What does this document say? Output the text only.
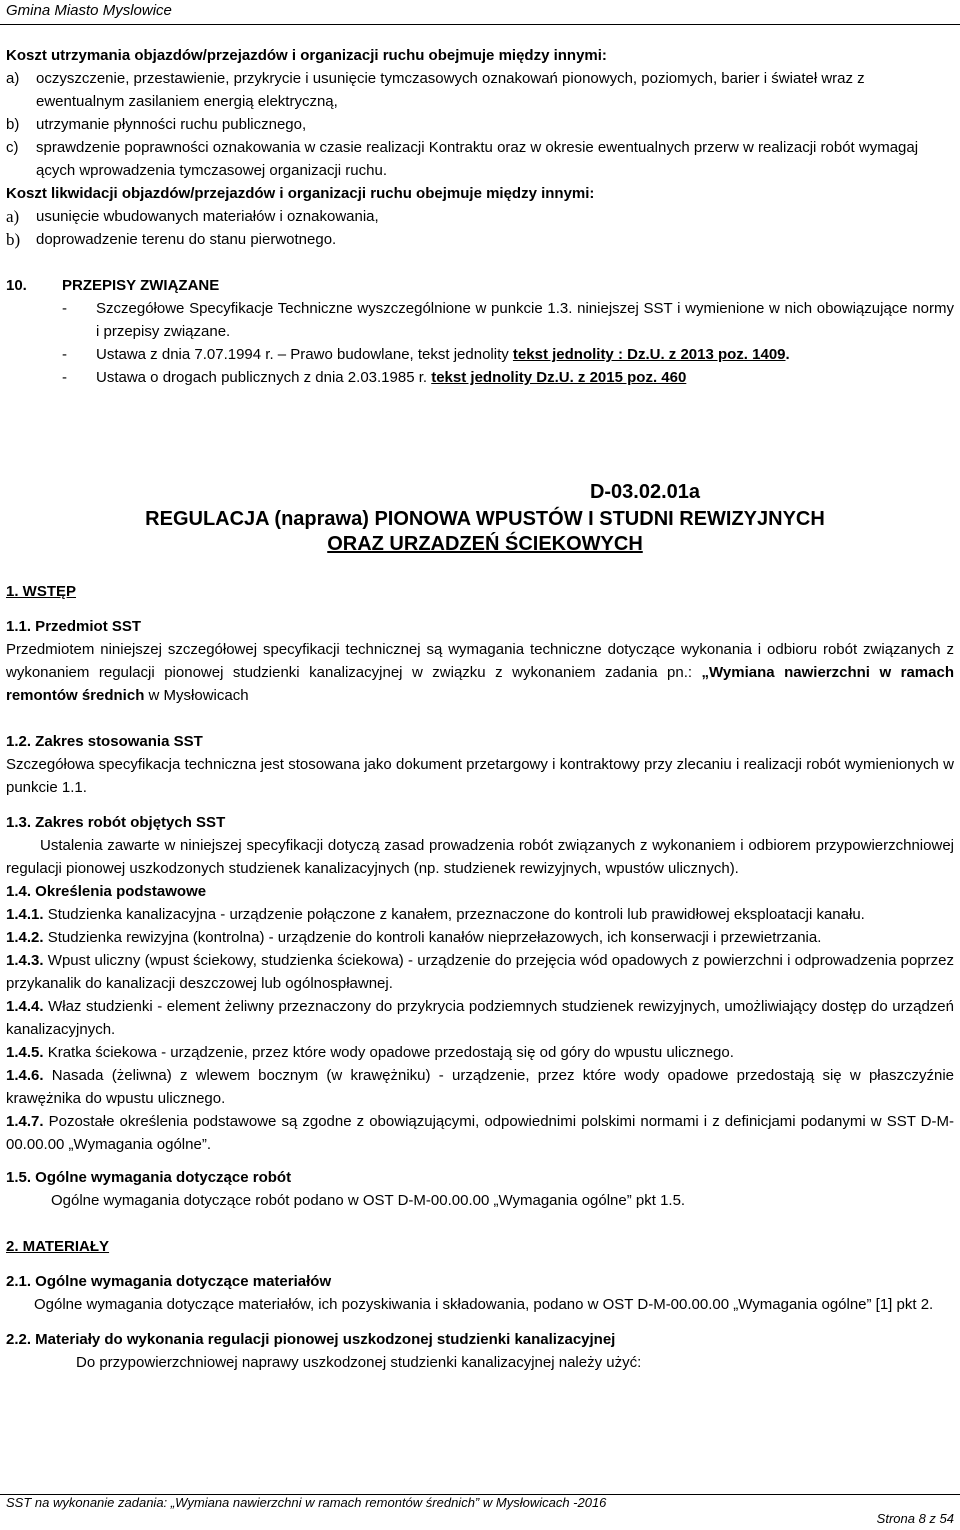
Gmina Miasto Myslowice

Koszt utrzymania objazdów/przejazdów i organizacji ruchu obejmuje między innymi:

a)	oczyszczenie, przestawienie, przykrycie i usunięcie tymczasowych oznakowań pionowych, poziomych, barier i świateł wraz z ewentualnym zasilaniem energią elektryczną,
b)	utrzymanie płynności ruchu publicznego,
c)	sprawdzenie poprawności oznakowania w czasie realizacji Kontraktu oraz w okresie ewentualnych przerw w realizacji robót wymagaj ących wprowadzenia tymczasowej organizacji ruchu.

Koszt likwidacji objazdów/przejazdów i organizacji ruchu obejmuje między innymi:

a)	usunięcie wbudowanych materiałów i oznakowania,
b)	doprowadzenie terenu do stanu pierwotnego.
10.	PRZEPISY ZWIĄZANE
-	Szczegółowe Specyfikacje Techniczne wyszczególnione w punkcie 1.3. niniejszej SST i wymienione w nich obowiązujące normy i przepisy związane.
-	Ustawa z dnia 7.07.1994 r. – Prawo budowlane, tekst jednolity tekst jednolity : Dz.U. z 2013 poz. 1409.
-	Ustawa o drogach publicznych z dnia 2.03.1985 r. tekst jednolity Dz.U. z 2015 poz. 460

D-03.02.01a

REGULACJA (naprawa) PIONOWA WPUSTÓW I STUDNI REWIZYJNYCH

ORAZ URZADZEŃ ŚCIEKOWYCH

1. WSTĘP

1.1. Przedmiot SST

Przedmiotem niniejszej szczegółowej specyfikacji technicznej są wymagania techniczne dotyczące wykonania i odbioru robót związanych z wykonaniem regulacji pionowej studzienki kanalizacyjnej w związku z wykonaniem zadania pn.: „Wymiana nawierzchni w ramach remontów średnich w Mysłowicach

1.2. Zakres stosowania SST

Szczegółowa specyfikacja techniczna jest stosowana jako dokument przetargowy i kontraktowy przy zlecaniu i realizacji robót wymienionych w punkcie 1.1.

1.3. Zakres robót objętych SST

Ustalenia zawarte w niniejszej specyfikacji dotyczą zasad prowadzenia robót związanych z wykonaniem i odbiorem przypowierzchniowej regulacji pionowej uszkodzonych studzienek kanalizacyjnych (np. studzienek rewizyjnych, wpustów ulicznych).

1.4. Określenia podstawowe

1.4.1. Studzienka kanalizacyjna - urządzenie połączone z kanałem, przeznaczone do kontroli lub prawidłowej eksploatacji kanału.

1.4.2. Studzienka rewizyjna (kontrolna) - urządzenie do kontroli kanałów nieprzełazowych, ich konserwacji i przewietrzania.

1.4.3. Wpust uliczny (wpust ściekowy, studzienka ściekowa) - urządzenie do przejęcia wód opadowych z powierzchni i odprowadzenia poprzez przykanalik do kanalizacji deszczowej lub ogólnospławnej.

1.4.4. Właz studzienki - element żeliwny przeznaczony do przykrycia podziemnych studzienek rewizyjnych, umożliwiający dostęp do urządzeń kanalizacyjnych.

1.4.5. Kratka ściekowa - urządzenie, przez które wody opadowe przedostają się od góry do wpustu ulicznego.

1.4.6. Nasada (żeliwna) z wlewem bocznym (w krawężniku) - urządzenie, przez które wody opadowe przedostają się w płaszczyźnie krawężnika do wpustu ulicznego.

1.4.7. Pozostałe określenia podstawowe są zgodne z obowiązującymi, odpowiednimi polskimi normami i z definicjami podanymi w SST D-M-00.00.00 „Wymagania ogólne”.

1.5. Ogólne wymagania dotyczące robót

Ogólne wymagania dotyczące robót podano w OST D-M-00.00.00 „Wymagania ogólne” pkt 1.5.

2. MATERIAŁY

2.1. Ogólne wymagania dotyczące materiałów

Ogólne wymagania dotyczące materiałów, ich pozyskiwania i składowania, podano w OST D-M-00.00.00 „Wymagania ogólne” [1] pkt 2.

2.2. Materiały do wykonania regulacji pionowej uszkodzonej studzienki kanalizacyjnej

Do przypowierzchniowej naprawy uszkodzonej studzienki kanalizacyjnej należy użyć:

SST na wykonanie zadania: „Wymiana nawierzchni w ramach remontów średnich” w Mysłowicach -2016
Strona 8 z 54
